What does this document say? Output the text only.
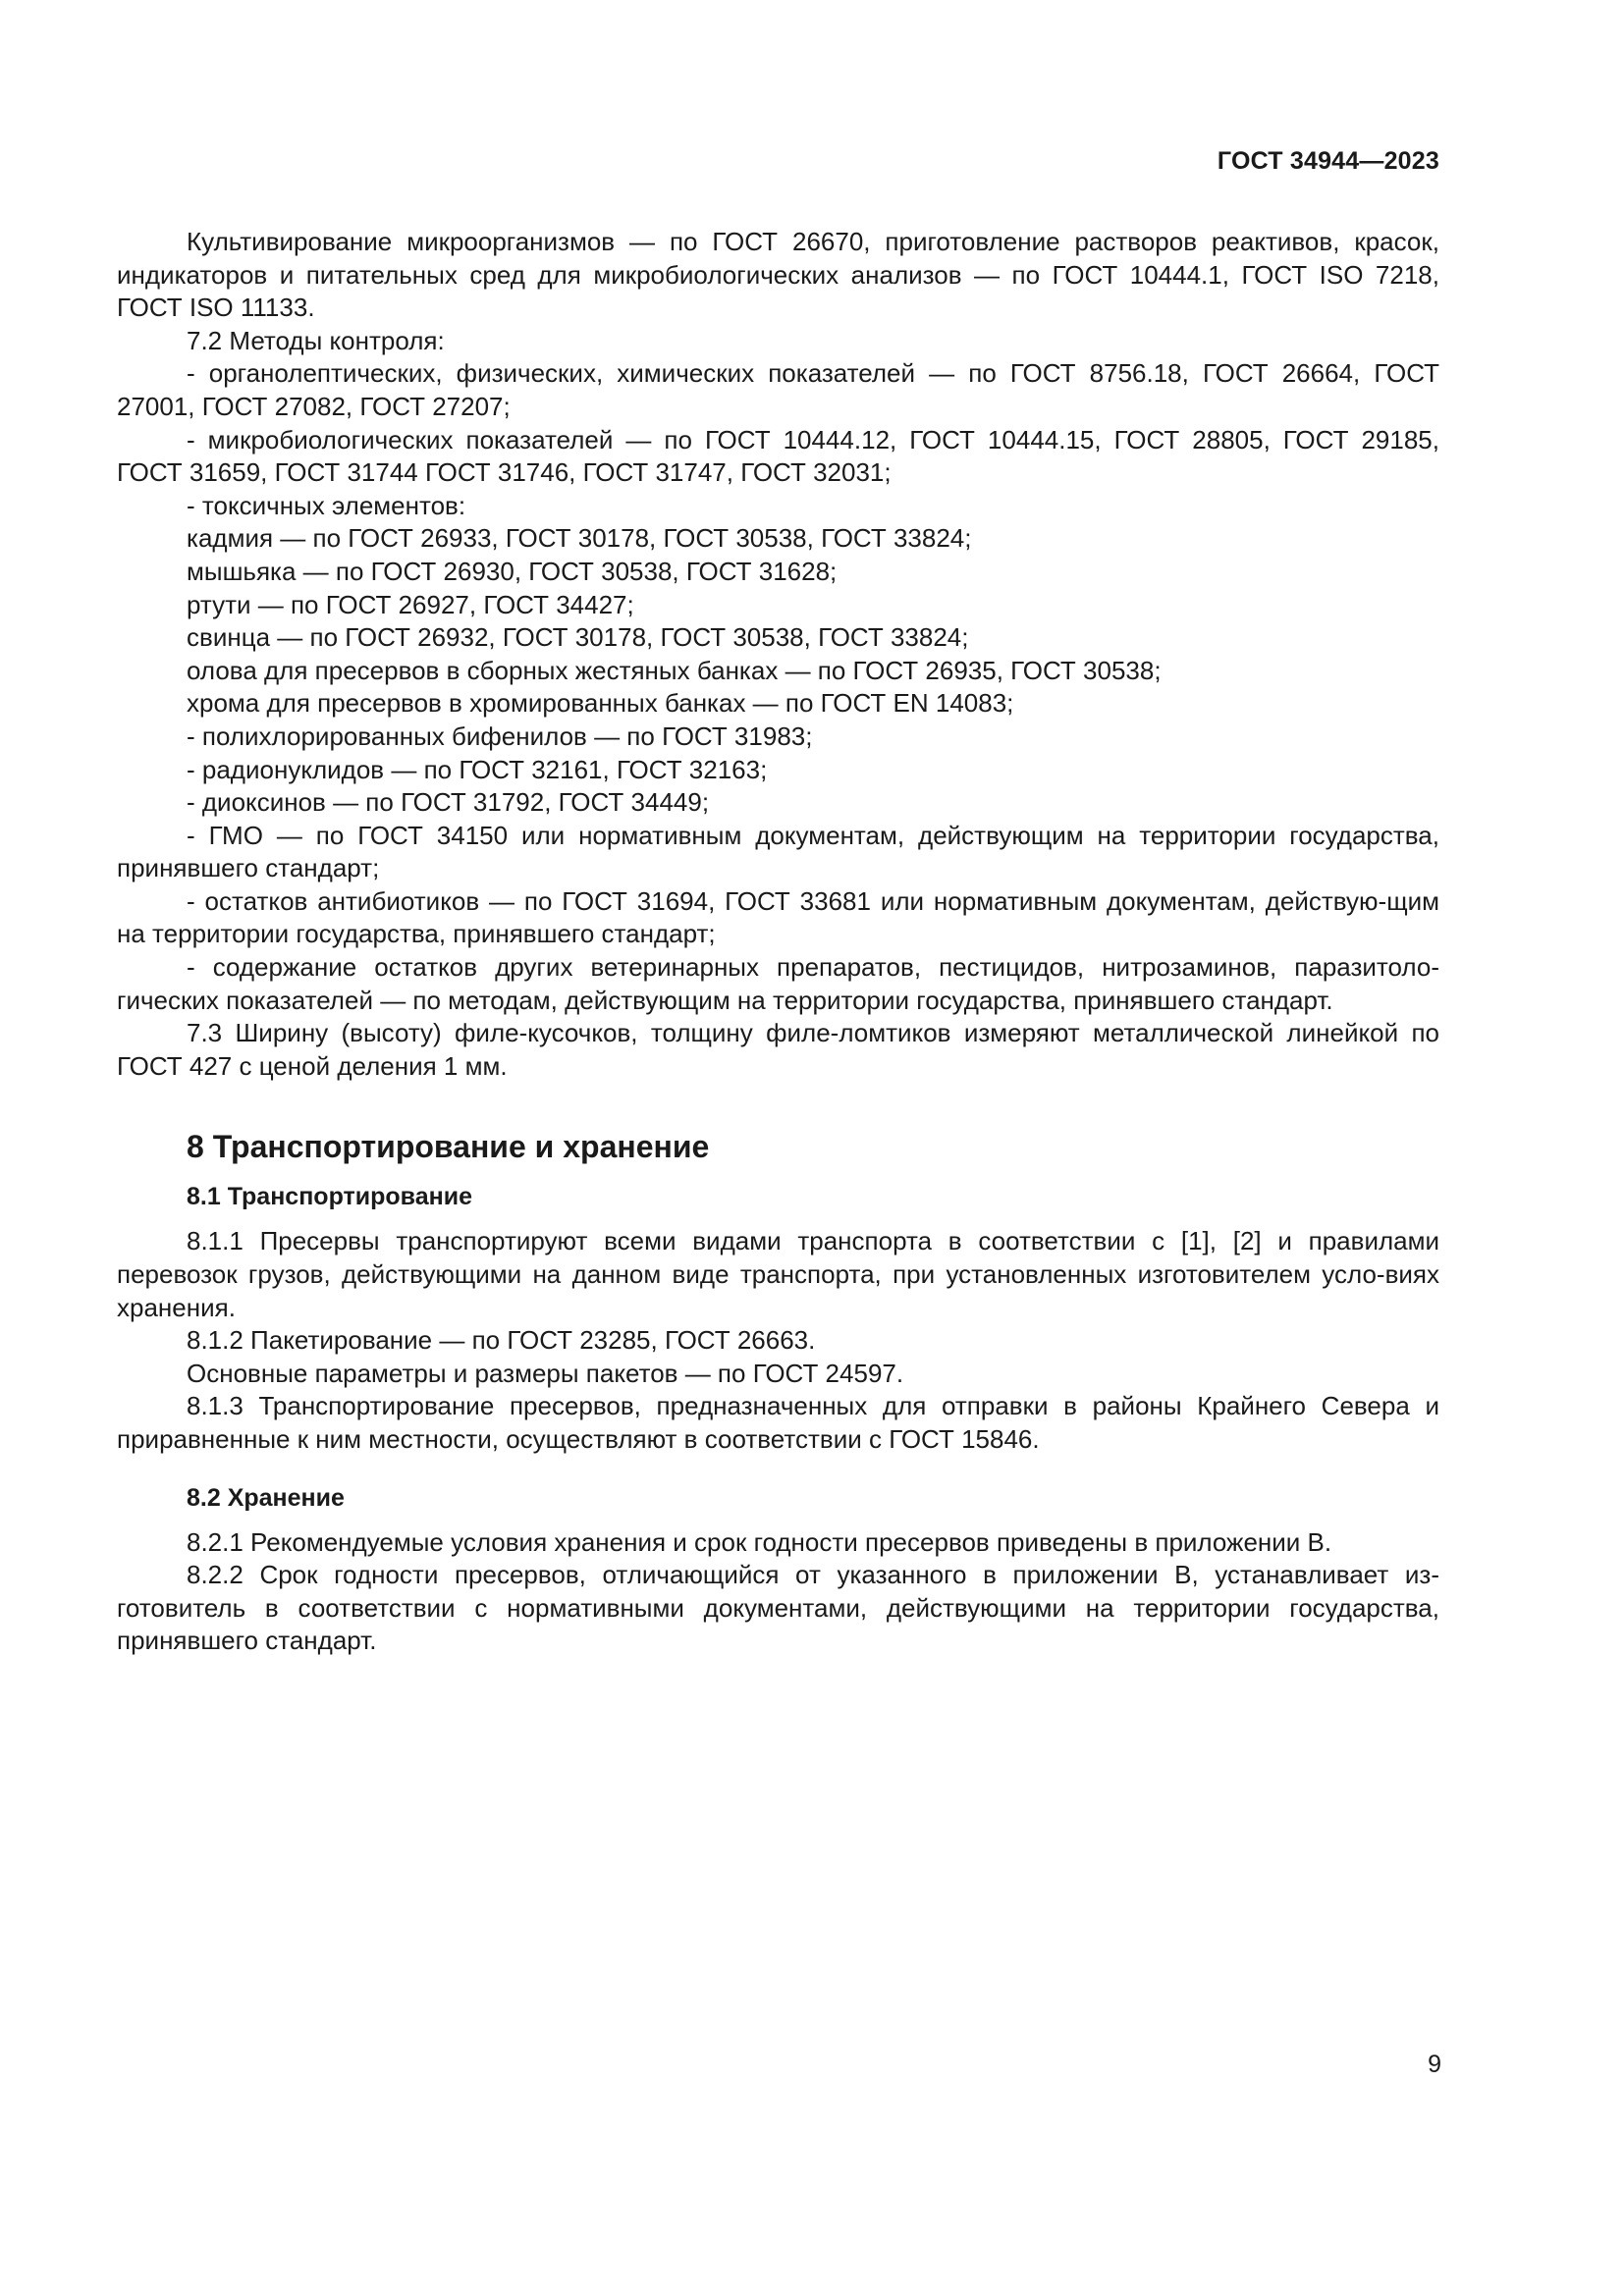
ГОСТ 34944—2023

Культивирование микроорганизмов — по ГОСТ 26670, приготовление растворов реактивов, красок, индикаторов и питательных сред для микробиологических анализов — по ГОСТ 10444.1, ГОСТ ISO 7218, ГОСТ ISO 11133.

7.2 Методы контроля:

- органолептических, физических, химических показателей — по ГОСТ 8756.18, ГОСТ 26664, ГОСТ 27001, ГОСТ 27082, ГОСТ 27207;

- микробиологических показателей — по ГОСТ 10444.12, ГОСТ 10444.15, ГОСТ 28805, ГОСТ 29185, ГОСТ 31659, ГОСТ 31744 ГОСТ 31746, ГОСТ 31747, ГОСТ 32031;

- токсичных элементов:

кадмия — по ГОСТ 26933, ГОСТ 30178, ГОСТ 30538, ГОСТ 33824;

мышьяка — по ГОСТ 26930, ГОСТ 30538, ГОСТ 31628;

ртути — по ГОСТ 26927, ГОСТ 34427;

свинца — по ГОСТ 26932, ГОСТ 30178, ГОСТ 30538, ГОСТ 33824;

олова для пресервов в сборных жестяных банках — по ГОСТ 26935, ГОСТ 30538;

хрома для пресервов в хромированных банках — по ГОСТ EN 14083;

- полихлорированных бифенилов — по ГОСТ 31983;

- радионуклидов — по ГОСТ 32161, ГОСТ 32163;

- диоксинов — по ГОСТ 31792, ГОСТ 34449;

- ГМО — по ГОСТ 34150 или нормативным документам, действующим на территории государства, принявшего стандарт;

- остатков антибиотиков — по ГОСТ 31694, ГОСТ 33681 или нормативным документам, действую-щим на территории государства, принявшего стандарт;

- содержание остатков других ветеринарных препаратов, пестицидов, нитрозаминов, паразитоло-гических показателей — по методам, действующим на территории государства, принявшего стандарт.

7.3 Ширину (высоту) филе-кусочков, толщину филе-ломтиков измеряют металлической линейкой по ГОСТ 427 с ценой деления 1 мм.

8 Транспортирование и хранение
8.1 Транспортирование

8.1.1 Пресервы транспортируют всеми видами транспорта в соответствии с [1], [2] и правилами перевозок грузов, действующими на данном виде транспорта, при установленных изготовителем усло-виях хранения.

8.1.2 Пакетирование — по ГОСТ 23285, ГОСТ 26663.

Основные параметры и размеры пакетов — по ГОСТ 24597.

8.1.3 Транспортирование пресервов, предназначенных для отправки в районы Крайнего Севера и приравненные к ним местности, осуществляют в соответствии с ГОСТ 15846.

8.2 Хранение

8.2.1 Рекомендуемые условия хранения и срок годности пресервов приведены в приложении В.

8.2.2 Срок годности пресервов, отличающийся от указанного в приложении В, устанавливает из-готовитель в соответствии с нормативными документами, действующими на территории государства, принявшего стандарт.

9
